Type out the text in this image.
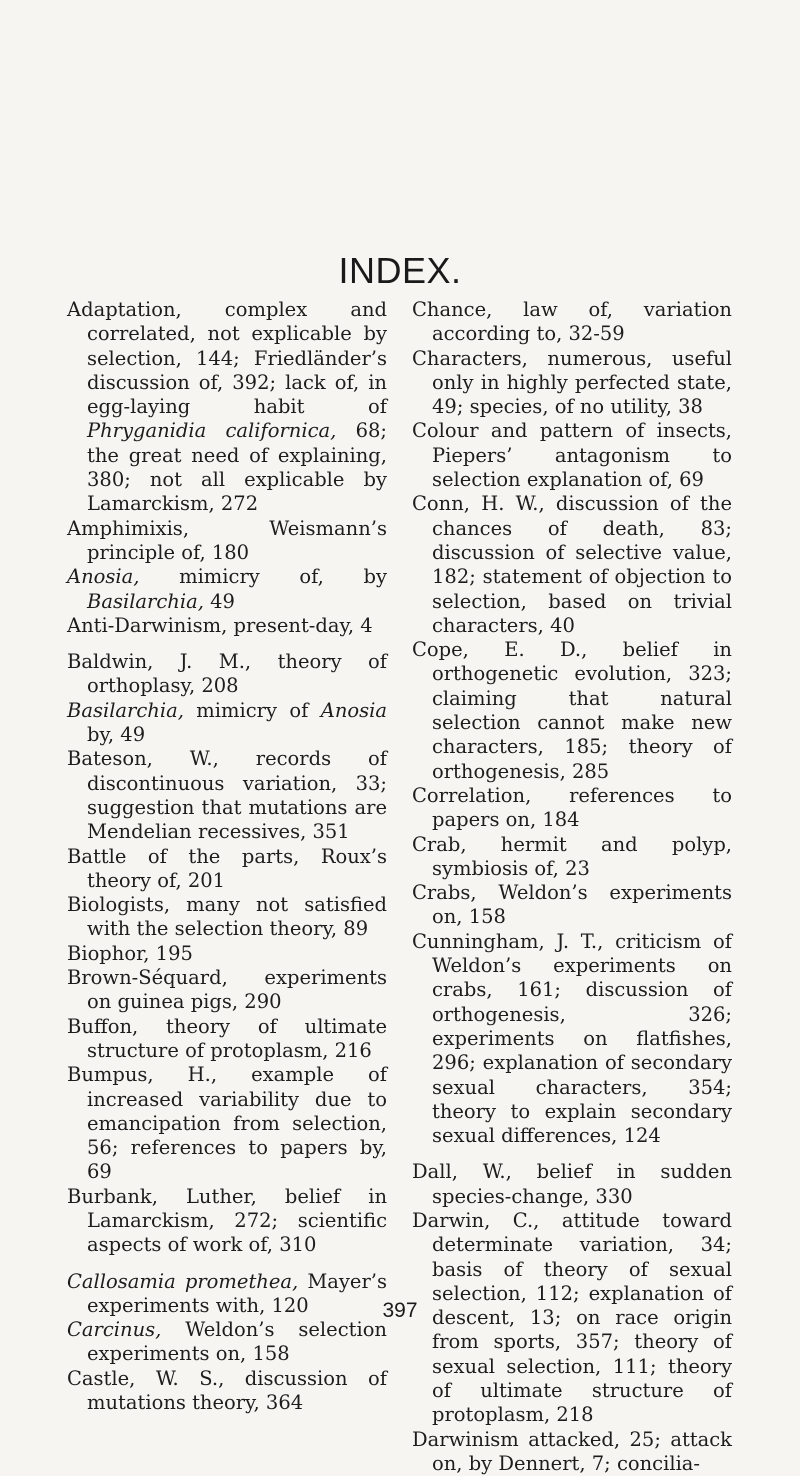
INDEX.
Adaptation, complex and correlated, not explicable by selection, 144; Friedländer’s discussion of, 392; lack of, in egg-laying habit of Phryganidia californica, 68; the great need of explaining, 380; not all explicable by Lamarckism, 272
Amphimixis, Weismann’s principle of, 180
Anosia, mimicry of, by Basilarchia, 49
Anti-Darwinism, present-day, 4
Baldwin, J. M., theory of orthoplasy, 208
Basilarchia, mimicry of Anosia by, 49
Bateson, W., records of discontinuous variation, 33; suggestion that mutations are Mendelian recessives, 351
Battle of the parts, Roux’s theory of, 201
Biologists, many not satisfied with the selection theory, 89
Biophor, 195
Brown-Séquard, experiments on guinea pigs, 290
Buffon, theory of ultimate structure of protoplasm, 216
Bumpus, H., example of increased variability due to emancipation from selection, 56; references to papers by, 69
Burbank, Luther, belief in Lamarckism, 272; scientific aspects of work of, 310
Callosamia promethea, Mayer’s experiments with, 120
Carcinus, Weldon’s selection experiments on, 158
Castle, W. S., discussion of mutations theory, 364
Chance, law of, variation according to, 32-59
Characters, numerous, useful only in highly perfected state, 49; species, of no utility, 38
Colour and pattern of insects, Piepers’ antagonism to selection explanation of, 69
Conn, H. W., discussion of the chances of death, 83; discussion of selective value, 182; statement of objection to selection, based on trivial characters, 40
Cope, E. D., belief in orthogenetic evolution, 323; claiming that natural selection cannot make new characters, 185; theory of orthogenesis, 285
Correlation, references to papers on, 184
Crab, hermit and polyp, symbiosis of, 23
Crabs, Weldon’s experiments on, 158
Cunningham, J. T., criticism of Weldon’s experiments on crabs, 161; discussion of orthogenesis, 326; experiments on flatfishes, 296; explanation of secondary sexual characters, 354; theory to explain secondary sexual differences, 124
Dall, W., belief in sudden species-change, 330
Darwin, C., attitude toward determinate variation, 34; basis of theory of sexual selection, 112; explanation of descent, 13; on race origin from sports, 357; theory of sexual selection, 111; theory of ultimate structure of protoplasm, 218
Darwinism attacked, 25; attack on, by Dennert, 7; concilia-
397
